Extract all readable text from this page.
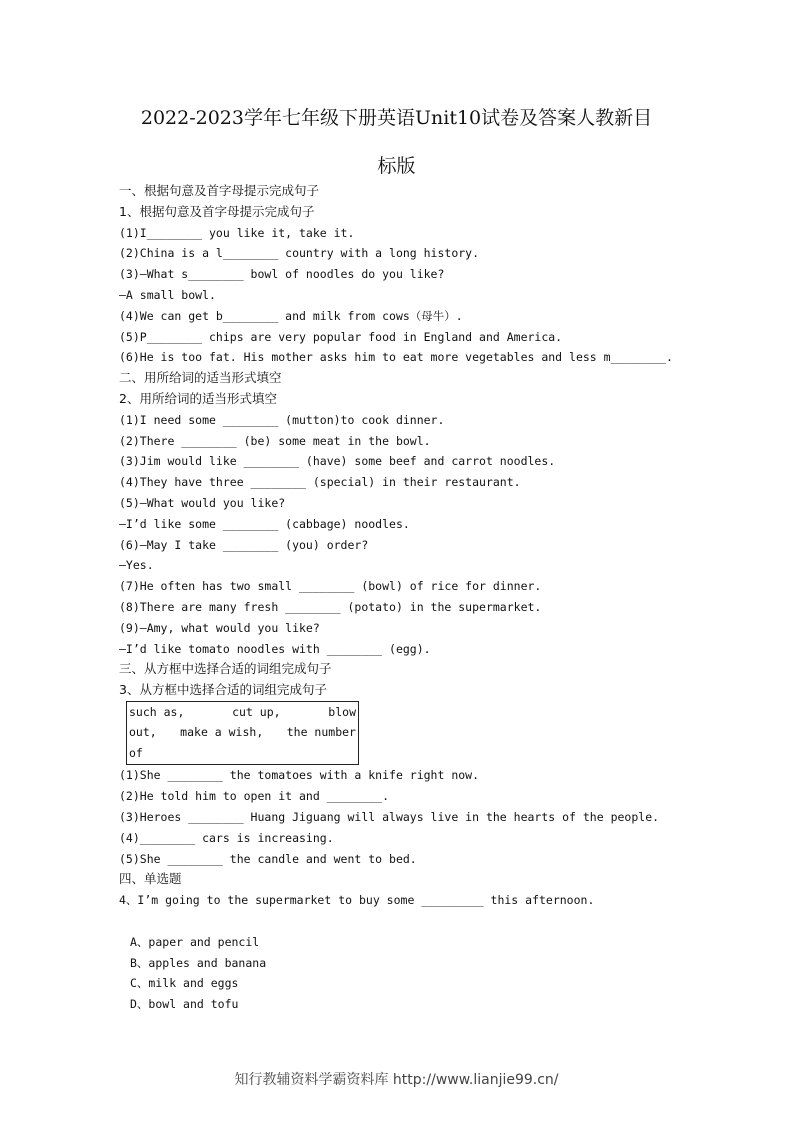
2022-2023学年七年级下册英语Unit10试卷及答案人教新目
标版
一、根据句意及首字母提示完成句子
1、根据句意及首字母提示完成句子
(1)I________ you like it, take it.
(2)China is a l________ country with a long history.
(3)—What s________ bowl of noodles do you like?
—A small bowl.
(4)We can get b________ and milk from cows（母牛）.
(5)P________ chips are very popular food in England and America.
(6)He is too fat. His mother asks him to eat more vegetables and less m________.
二、用所给词的适当形式填空
2、用所给词的适当形式填空
(1)I need some ________ (mutton)to cook dinner.
(2)There ________ (be) some meat in the bowl.
(3)Jim would like ________ (have) some beef and carrot noodles.
(4)They have three ________ (special) in their restaurant.
(5)—What would you like?
—I’d like some ________ (cabbage) noodles.
(6)—May I take ________ (you) order?
—Yes.
(7)He often has two small ________ (bowl) of rice for dinner.
(8)There are many fresh ________ (potato) in the supermarket.
(9)—Amy, what would you like?
—I’d like tomato noodles with ________ (egg).
三、从方框中选择合适的词组完成句子
3、从方框中选择合适的词组完成句子
such as,	cut up,	blow
out, make a wish, the number
of
(1)She ________ the tomatoes with a knife right now.
(2)He told him to open it and ________.
(3)Heroes ________ Huang Jiguang will always live in the hearts of the people.
(4)________ cars is increasing.
(5)She ________ the candle and went to bed.
四、单选题
4、I’m going to the supermarket to buy some _________ this afternoon.
A、paper and pencil
B、apples and banana
C、milk and eggs
D、bowl and tofu
知行教辅资料学霸资料库 http://www.lianjie99.cn/
